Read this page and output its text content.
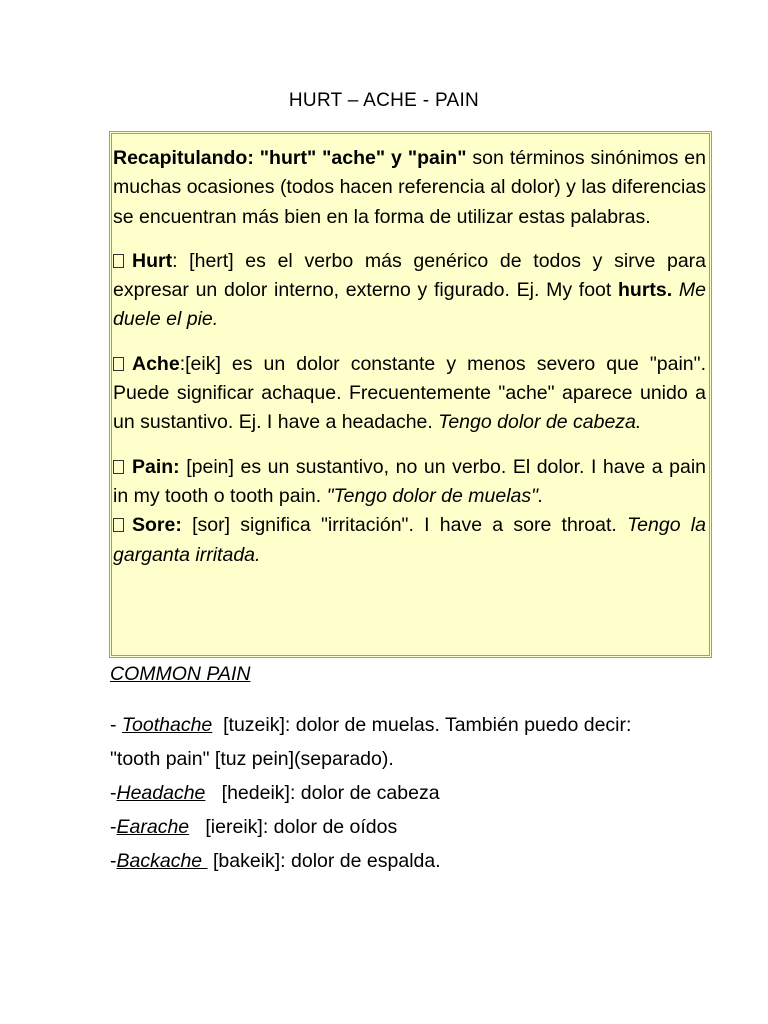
HURT – ACHE - PAIN

Recapitulando: "hurt" "ache" y "pain" son términos sinónimos en muchas ocasiones (todos hacen referencia al dolor) y las diferencias se encuentran más bien en la forma de utilizar estas palabras.

Hurt: [hert] es el verbo más genérico de todos y sirve para expresar un dolor interno, externo y figurado. Ej. My foot hurts. Me duele el pie.

Ache:[eik] es un dolor constante y menos severo que "pain". Puede significar achaque. Frecuentemente "ache" aparece unido a un sustantivo. Ej. I have a headache. Tengo dolor de cabeza.

Pain: [pein] es un sustantivo, no un verbo. El dolor. I have a pain in my tooth o tooth pain. "Tengo dolor de muelas".

Sore: [sor] significa "irritación". I have a sore throat. Tengo la garganta irritada.

COMMON PAIN
- Toothache  [tuzeik]: dolor de muelas. También puedo decir:
"tooth pain" [tuz pein](separado).
-Headache   [hedeik]: dolor de cabeza
-Earache   [iereik]: dolor de oídos
-Backache  [bakeik]: dolor de espalda.
